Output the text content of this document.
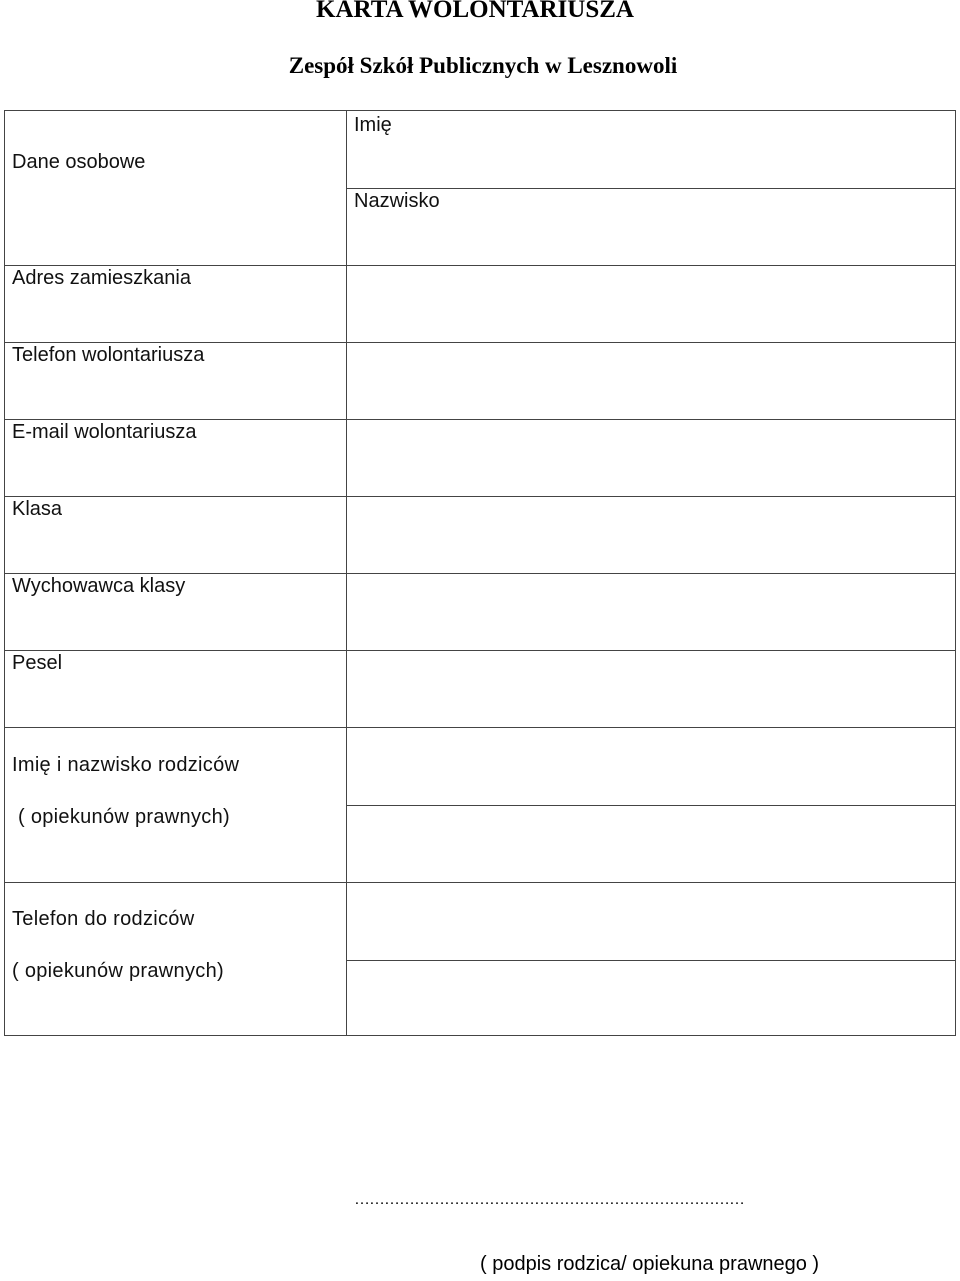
KARTA WOLONTARIUSZA
Zespół Szkół Publicznych w Lesznowoli
Dane osobowe
Imię
Nazwisko
Adres zamieszkania
Telefon wolontariusza
E-mail wolontariusza
Klasa
Wychowawca klasy
Pesel
Imię i nazwisko rodziców
( opiekunów prawnych)
Telefon do rodziców
( opiekunów prawnych)
……………………………………………………………………
( podpis rodzica/ opiekuna prawnego )
